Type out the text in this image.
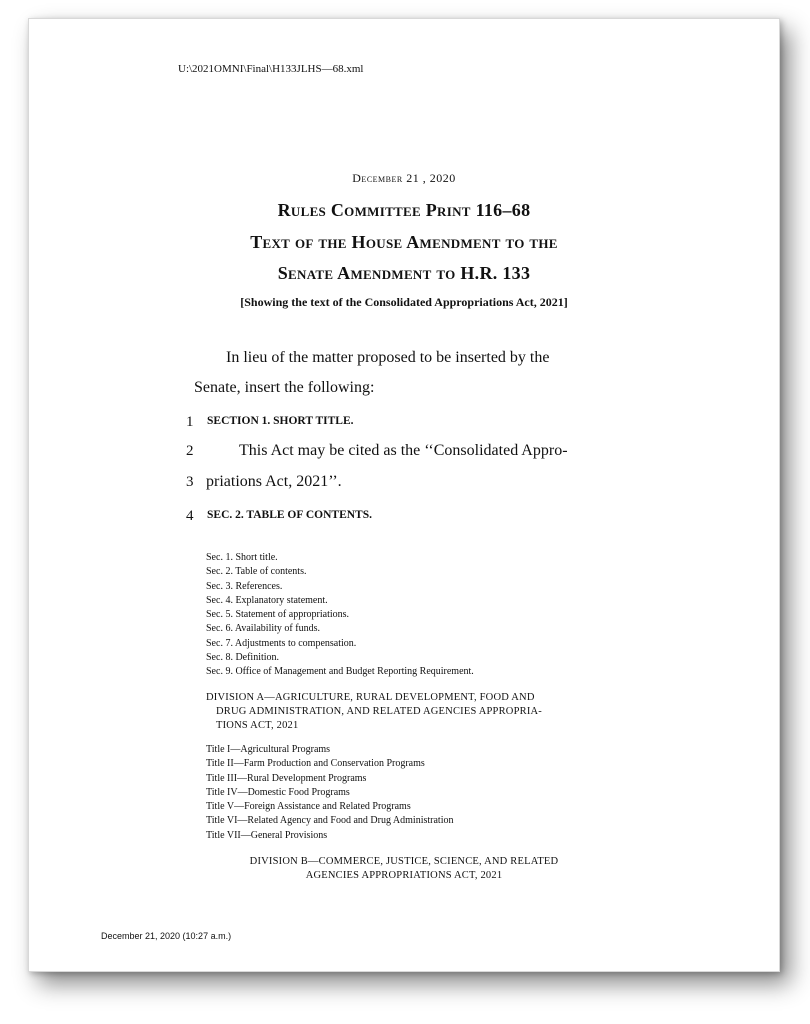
U:\2021OMNI\Final\H133JLHS—68.xml
December 21 , 2020
Rules Committee Print 116–68
Text of the House Amendment to the
Senate Amendment to H.R. 133
[Showing the text of the Consolidated Appropriations Act, 2021]
In lieu of the matter proposed to be inserted by the
Senate, insert the following:
1 SECTION 1. SHORT TITLE.
2	This Act may be cited as the ‘‘Consolidated Appro-
3 priations Act, 2021’’.
4 SEC. 2. TABLE OF CONTENTS.
Sec. 1. Short title.
Sec. 2. Table of contents.
Sec. 3. References.
Sec. 4. Explanatory statement.
Sec. 5. Statement of appropriations.
Sec. 6. Availability of funds.
Sec. 7. Adjustments to compensation.
Sec. 8. Definition.
Sec. 9. Office of Management and Budget Reporting Requirement.
DIVISION A—AGRICULTURE, RURAL DEVELOPMENT, FOOD AND
DRUG ADMINISTRATION, AND RELATED AGENCIES APPROPRIA-
TIONS ACT, 2021
Title I—Agricultural Programs
Title II—Farm Production and Conservation Programs
Title III—Rural Development Programs
Title IV—Domestic Food Programs
Title V—Foreign Assistance and Related Programs
Title VI—Related Agency and Food and Drug Administration
Title VII—General Provisions
DIVISION B—COMMERCE, JUSTICE, SCIENCE, AND RELATED
AGENCIES APPROPRIATIONS ACT, 2021
December 21, 2020 (10:27 a.m.)
